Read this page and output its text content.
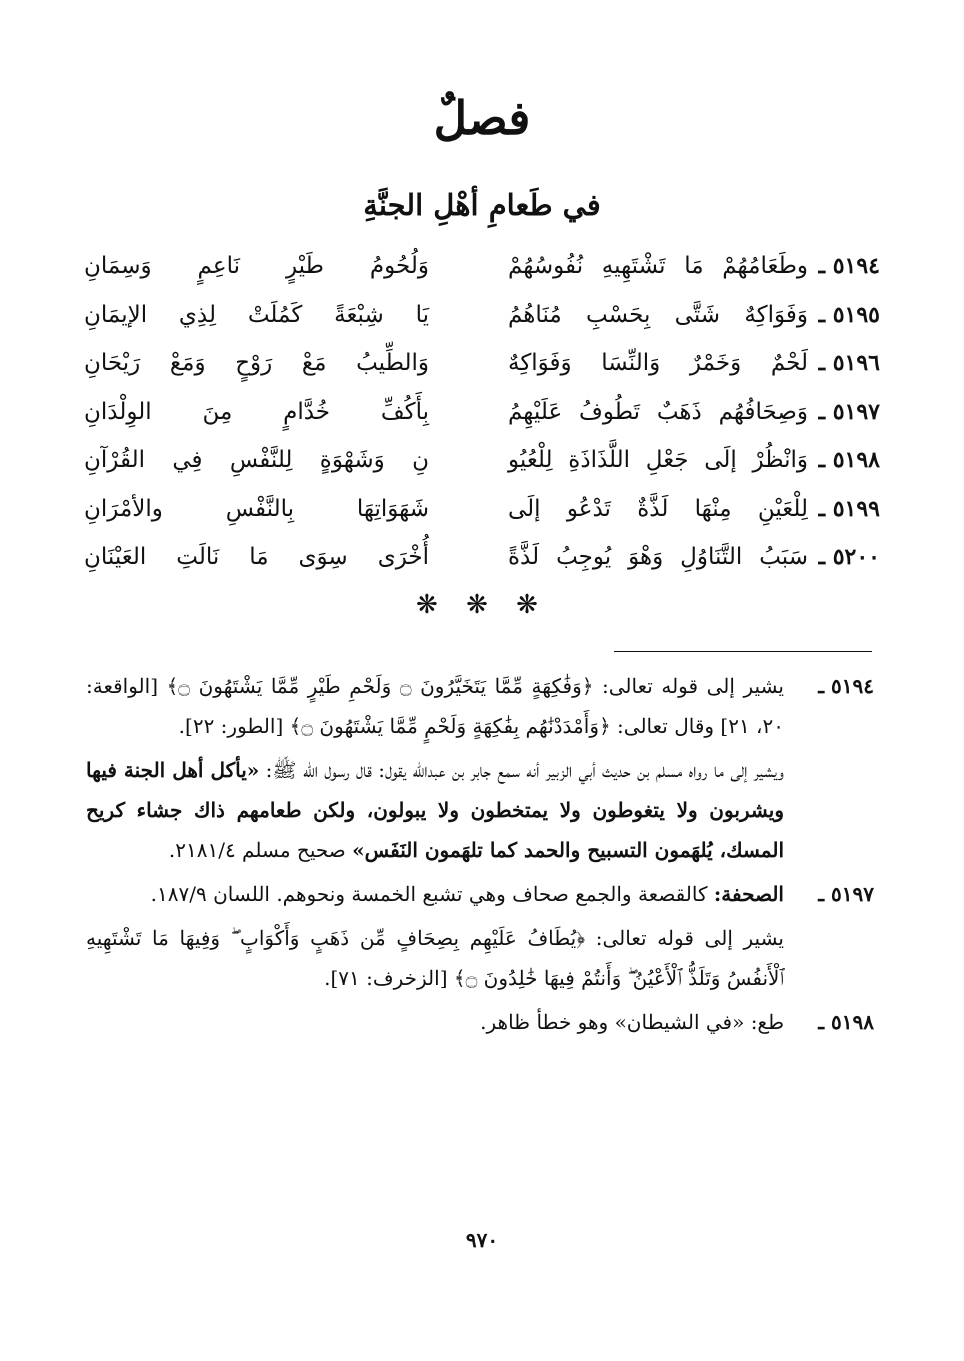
فصلٌ
في طَعامِ أهْلِ الجنَّةِ
٥١٩٤ ـ
وطَعَامُهُمْ مَا تَشْتَهِيهِ نُفُوسُهُمْ
وَلُحُومُ طَيْرٍ نَاعِمٍ وَسِمَانِ
٥١٩٥ ـ
وَفَوَاكِهٌ شَتَّى بِحَسْبِ مُنَاهُمُ
يَا شِبْعَةً كَمُلَتْ لِذِي الإيمَانِ
٥١٩٦ ـ
لَحْمٌ وَخَمْرٌ وَالنِّسَا وَفَوَاكِهٌ
وَالطِّيبُ مَعْ رَوْحٍ وَمَعْ رَيْحَانِ
٥١٩٧ ـ
وَصِحَافُهُم ذَهَبٌ تَطُوفُ عَلَيْهِمُ
بِأَكُفِّ خُدَّامٍ مِنَ الوِلْدَانِ
٥١٩٨ ـ
وَانْظُرْ إلَى جَعْلِ اللَّذَاذَةِ لِلْعُيُو
نِ وَشَهْوَةٍ لِلنَّفْسِ فِي القُرْآنِ
٥١٩٩ ـ
لِلْعَيْنِ مِنْهَا لَذَّةٌ تَدْعُو إلَى
شَهَوَاتِهَا بِالنَّفْسِ والأمْرَانِ
٥٢٠٠ ـ
سَبَبُ التَّنَاوُلِ وَهْوَ يُوجِبُ لَذَّةً
أُخْرَى سِوَى مَا نَالَتِ العَيْنَانِ
❋ ❋ ❋
٥١٩٤ ـ
يشير إلى قوله تعالى: ﴿وَفَٰكِهَةٍ مِّمَّا يَتَخَيَّرُونَ ۝ وَلَحْمِ طَيْرٍ مِّمَّا يَشْتَهُونَ ۝﴾ [الواقعة: ٢٠، ٢١] وقال تعالى: ﴿وَأَمْدَدْنَٰهُم بِفَٰكِهَةٍ وَلَحْمٍ مِّمَّا يَشْتَهُونَ ۝﴾ [الطور: ٢٢].
ويشير إلى ما رواه مسلم بن حديث أبي الزبير أنه سمع جابر بن عبدالله يقول: قال رسول الله ﷺ: «يأكل أهل الجنة فيها ويشربون ولا يتغوطون ولا يمتخطون ولا يبولون، ولكن طعامهم ذاك جشاء كريح المسك، يُلهَمون التسبيح والحمد كما تلهَمون النَفَس» صحيح مسلم ٢١٨١/٤.
٥١٩٧ ـ
الصحفة: كالقصعة والجمع صحاف وهي تشبع الخمسة ونحوهم. اللسان ١٨٧/٩.
يشير إلى قوله تعالى: ﴿يُطَافُ عَلَيْهِم بِصِحَافٍ مِّن ذَهَبٍ وَأَكْوَابٍ ۖ وَفِيهَا مَا تَشْتَهِيهِ ٱلْأَنفُسُ وَتَلَذُّ ٱلْأَعْيُنُ ۖ وَأَنتُمْ فِيهَا خَٰلِدُونَ ۝﴾ [الزخرف: ٧١].
٥١٩٨ ـ
طع: «في الشيطان» وهو خطأ ظاهر.
٩٧٠
